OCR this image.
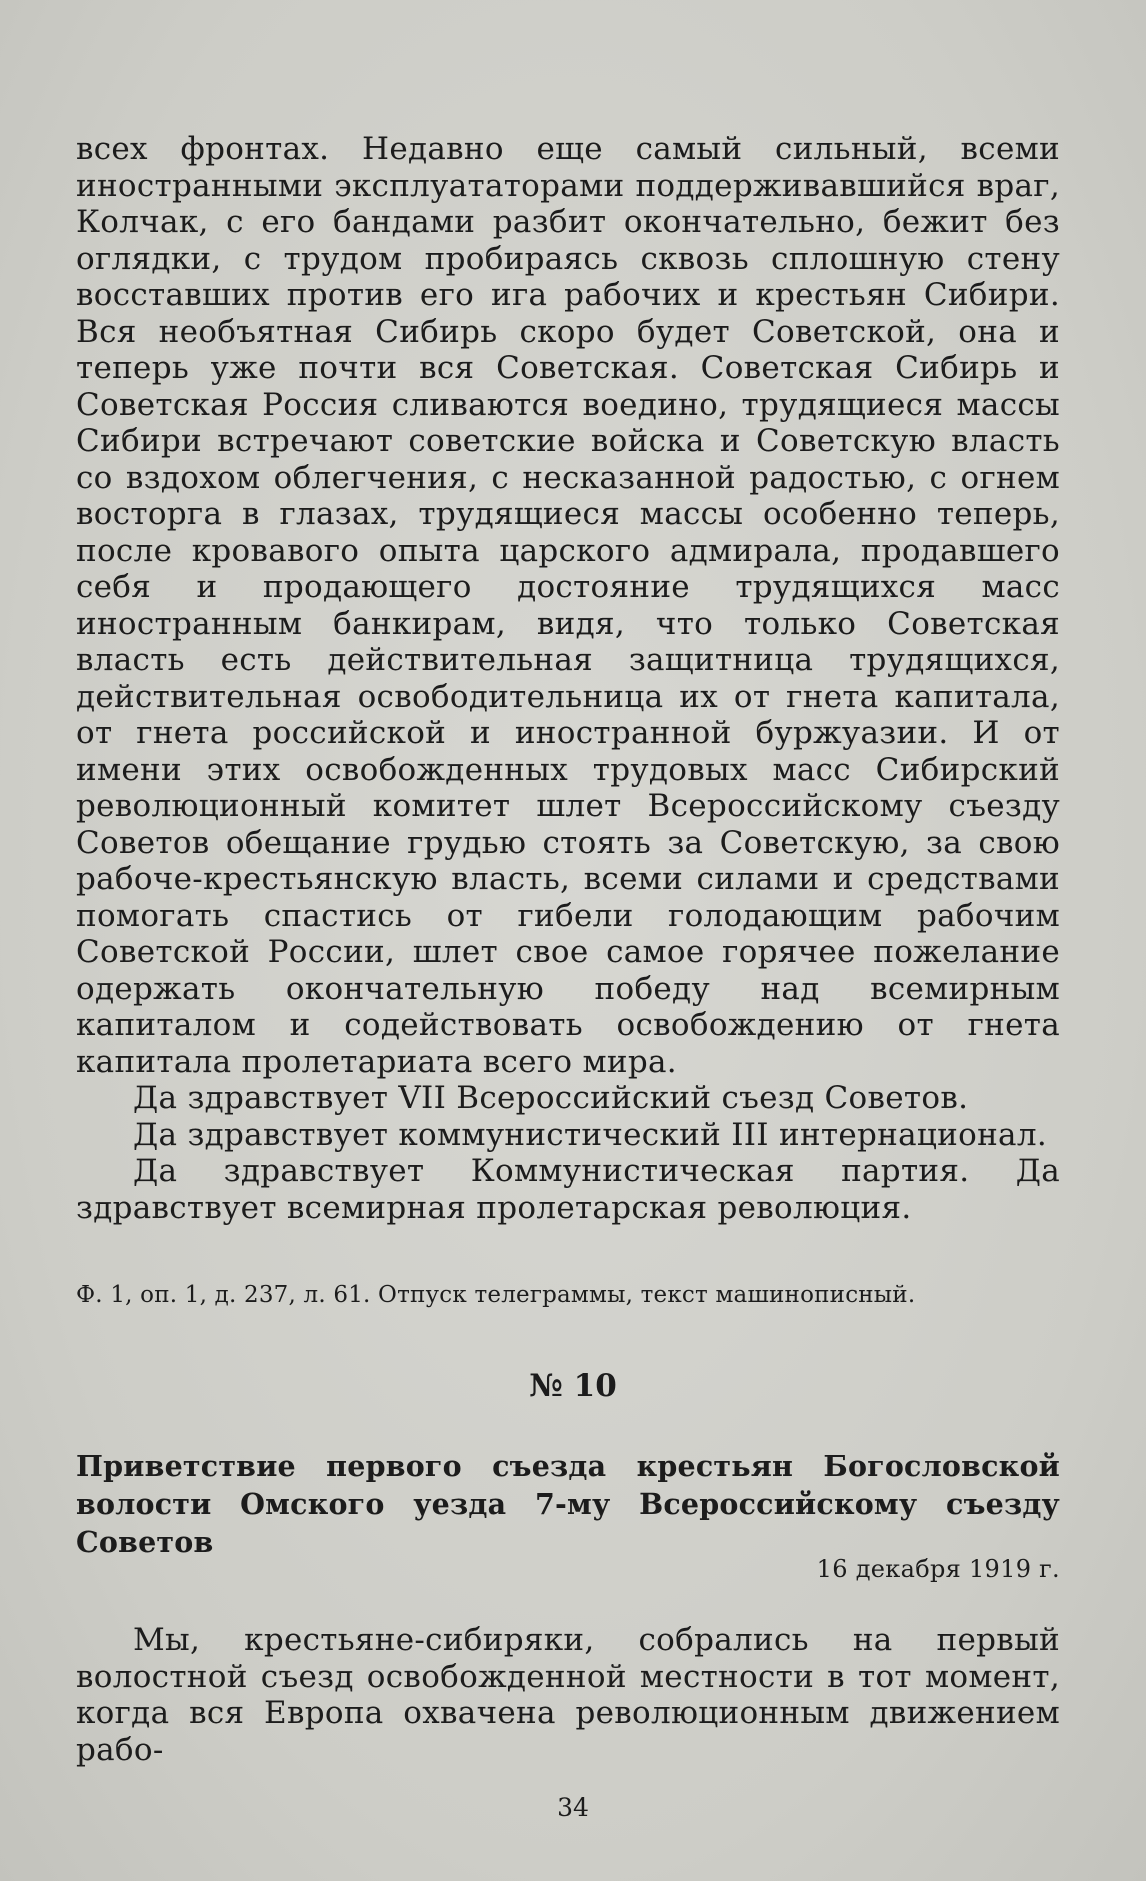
всех фронтах. Недавно еще самый сильный, всеми иностранными эксплуататорами поддерживавшийся враг, Колчак, с его бандами разбит окончательно, бежит без оглядки, с трудом пробираясь сквозь сплошную стену восставших против его ига рабочих и крестьян Сибири. Вся необъятная Сибирь скоро будет Советской, она и теперь уже почти вся Советская. Советская Сибирь и Советская Россия сливаются воедино, трудящиеся массы Сибири встречают советские войска и Советскую власть со вздохом облегчения, с несказанной радостью, с огнем восторга в глазах, трудящиеся массы особенно теперь, после кровавого опыта царского адмирала, продавшего себя и продающего достояние трудящихся масс иностранным банкирам, видя, что только Советская власть есть действительная защитница трудящихся, действительная освободительница их от гнета капитала, от гнета российской и иностранной буржуазии. И от имени этих освобожденных трудовых масс Сибирский революционный комитет шлет Всероссийскому съезду Советов обещание грудью стоять за Советскую, за свою рабоче-крестьянскую власть, всеми силами и средствами помогать спастись от гибели голодающим рабочим Советской России, шлет свое самое горячее пожелание одержать окончательную победу над всемирным капиталом и содействовать освобождению от гнета капитала пролетариата всего мира.

Да здравствует VII Всероссийский съезд Советов.

Да здравствует коммунистический III интернационал.

Да здравствует Коммунистическая партия. Да здравствует всемирная пролетарская революция.

Ф. 1, оп. 1, д. 237, л. 61. Отпуск телеграммы, текст машинописный.
№ 10
Приветствие первого съезда крестьян Богословской волости Омского уезда 7-му Всероссийскому съезду Советов
16 декабря 1919 г.

Мы, крестьяне-сибиряки, собрались на первый волостной съезд освобожденной местности в тот момент, когда вся Европа охвачена революционным движением рабо-

34
